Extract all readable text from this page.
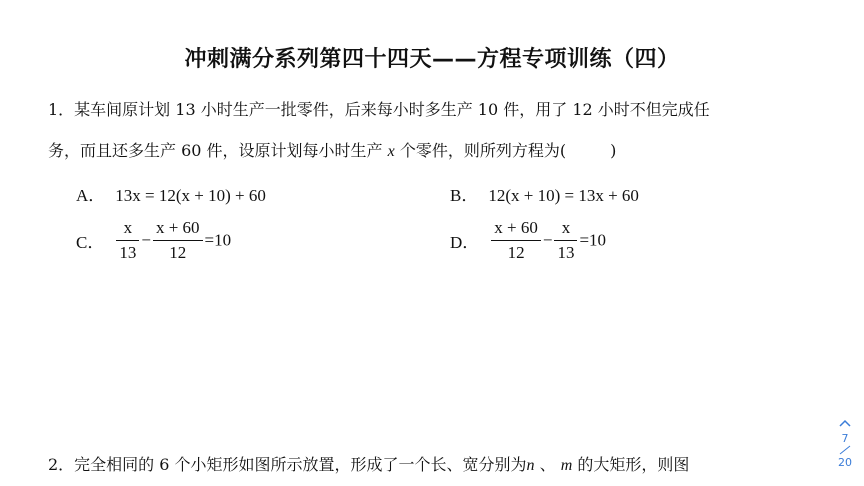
冲刺满分系列第四十四天——方程专项训练（四）
1．某车间原计划 13 小时生产一批零件，后来每小时多生产 10 件，用了 12 小时不但完成任
务，而且还多生产 60 件，设原计划每小时生产 x 个零件，则所列方程为(	)
A． 13x = 12(x + 10) + 60	B． 12(x + 10) = 13x + 60
C． $\frac{x}{13} - \frac{x + 60}{12} =10$	D． $\frac{x + 60}{12} - \frac{x}{13} =10$
2．完全相同的 6 个小矩形如图所示放置，形成了一个长、宽分别为n 、 m 的大矩形，则图
7
20
